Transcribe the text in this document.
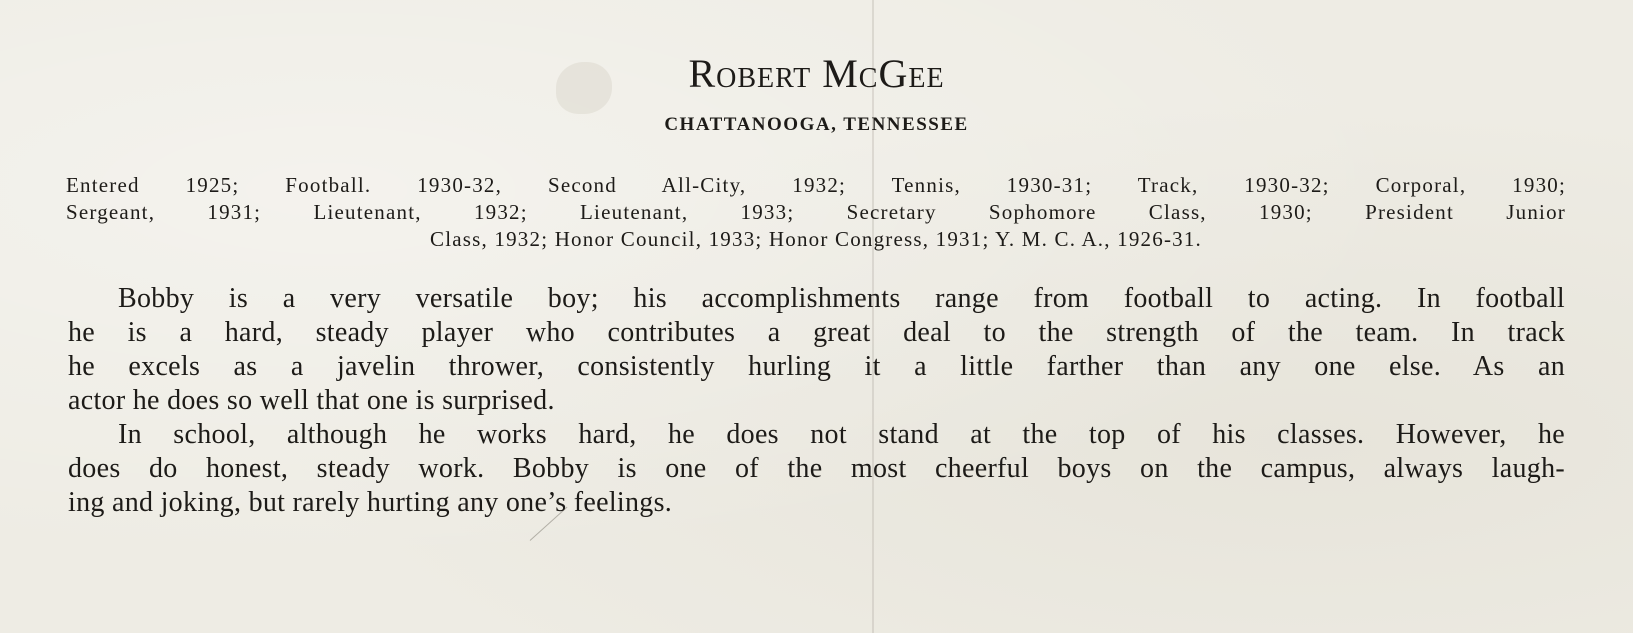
Robert McGee

CHATTANOOGA, TENNESSEE

Entered 1925; Football. 1930-32, Second All-City, 1932; Tennis, 1930-31; Track, 1930-32; Corporal, 1930;
Sergeant, 1931; Lieutenant, 1932; Lieutenant, 1933; Secretary Sophomore Class, 1930; President Junior
Class, 1932; Honor Council, 1933; Honor Congress, 1931; Y. M. C. A., 1926-31.

Bobby is a very versatile boy; his accomplishments range from football to acting. In football
he is a hard, steady player who contributes a great deal to the strength of the team. In track
he excels as a javelin thrower, consistently hurling it a little farther than any one else. As an
actor he does so well that one is surprised.
In school, although he works hard, he does not stand at the top of his classes. However, he
does do honest, steady work. Bobby is one of the most cheerful boys on the campus, always laugh-
ing and joking, but rarely hurting any one’s feelings.
